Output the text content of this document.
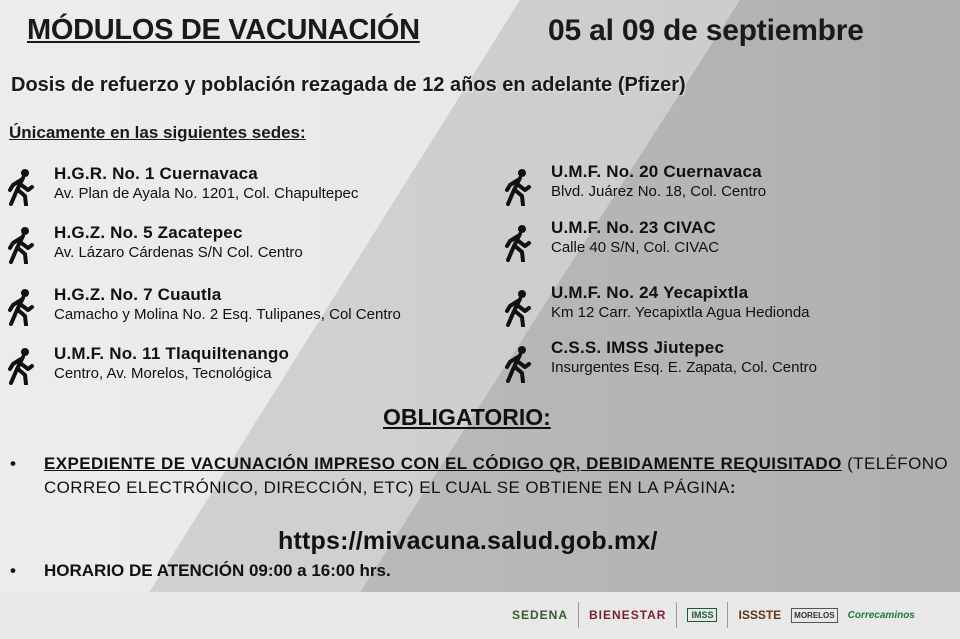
MÓDULOS DE VACUNACIÓN	05 al 09 de septiembre
Dosis de refuerzo y población rezagada de 12 años en adelante (Pfizer)
Únicamente en las siguientes sedes:
H.G.R. No. 1 Cuernavaca
Av. Plan de Ayala No. 1201, Col. Chapultepec
H.G.Z. No. 5 Zacatepec
Av. Lázaro Cárdenas S/N Col. Centro
H.G.Z. No. 7 Cuautla
Camacho y Molina No. 2 Esq. Tulipanes, Col Centro
U.M.F. No. 11 Tlaquiltenango
Centro, Av. Morelos, Tecnológica
U.M.F. No. 20 Cuernavaca
Blvd. Juárez No. 18, Col. Centro
U.M.F. No. 23 CIVAC
Calle 40 S/N, Col. CIVAC
U.M.F. No. 24 Yecapixtla
Km 12 Carr. Yecapixtla Agua Hedionda
C.S.S. IMSS Jiutepec
Insurgentes Esq. E. Zapata, Col. Centro
OBLIGATORIO:
• EXPEDIENTE DE VACUNACIÓN IMPRESO CON EL CÓDIGO QR, DEBIDAMENTE REQUISITADO (TELÉFONO CORREO ELECTRÓNICO, DIRECCIÓN, ETC) EL CUAL SE OBTIENE EN LA PÁGINA:
https://mivacuna.salud.gob.mx/
• HORARIO DE ATENCIÓN 09:00 a 16:00 hrs.
SEDENA BIENESTAR	IMSS	ISSSTE	MORELOS	Correcaminos
